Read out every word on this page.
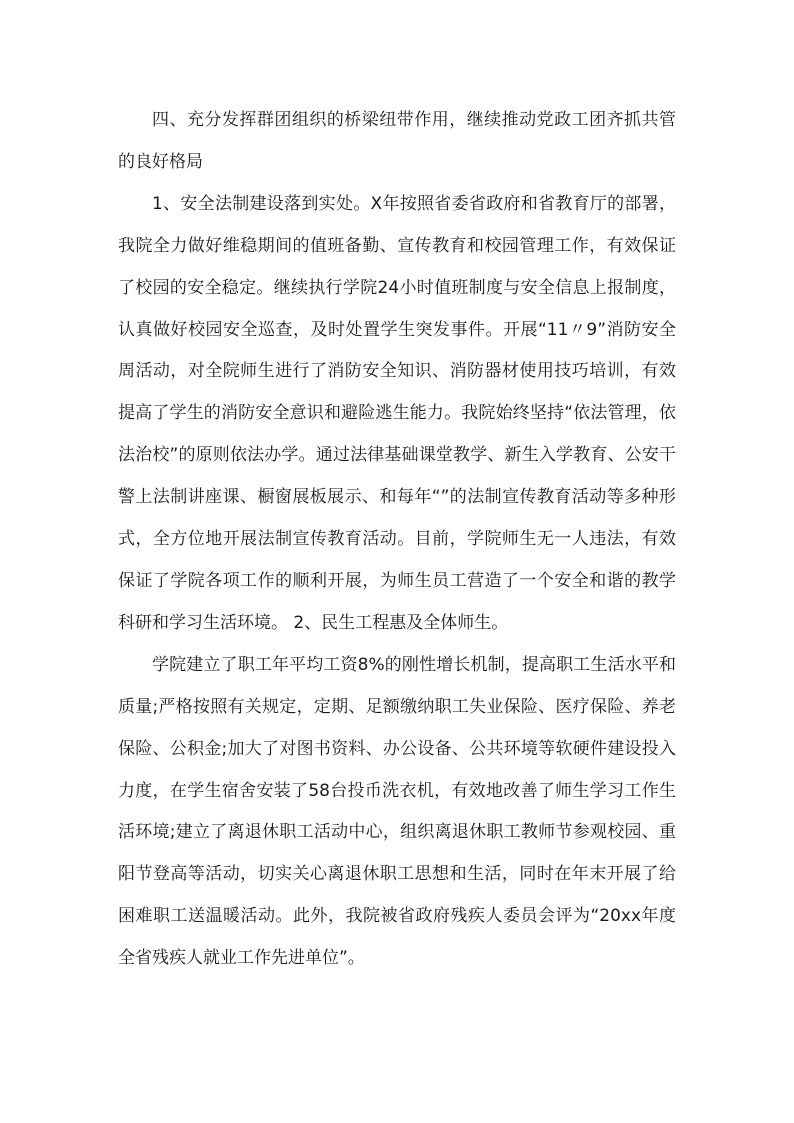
四、充分发挥群团组织的桥梁纽带作用，继续推动党政工团齐抓共管的良好格局

1、安全法制建设落到实处。X年按照省委省政府和省教育厅的部署，我院全力做好维稳期间的值班备勤、宣传教育和校园管理工作，有效保证了校园的安全稳定。继续执行学院24小时值班制度与安全信息上报制度，认真做好校园安全巡查，及时处置学生突发事件。开展“11〃9”消防安全周活动，对全院师生进行了消防安全知识、消防器材使用技巧培训，有效提高了学生的消防安全意识和避险逃生能力。我院始终坚持“依法管理，依法治校”的原则依法办学。通过法律基础课堂教学、新生入学教育、公安干警上法制讲座课、橱窗展板展示、和每年“”的法制宣传教育活动等多种形式，全方位地开展法制宣传教育活动。目前，学院师生无一人违法，有效保证了学院各项工作的顺利开展，为师生员工营造了一个安全和谐的教学科研和学习生活环境。 2、民生工程惠及全体师生。

学院建立了职工年平均工资8%的刚性增长机制，提高职工生活水平和质量;严格按照有关规定，定期、足额缴纳职工失业保险、医疗保险、养老保险、公积金;加大了对图书资料、办公设备、公共环境等软硬件建设投入力度，在学生宿舍安装了58台投币洗衣机，有效地改善了师生学习工作生活环境;建立了离退休职工活动中心，组织离退休职工教师节参观校园、重阳节登高等活动，切实关心离退休职工思想和生活，同时在年末开展了给困难职工送温暖活动。此外，我院被省政府残疾人委员会评为“20xx年度全省残疾人就业工作先进单位”。
